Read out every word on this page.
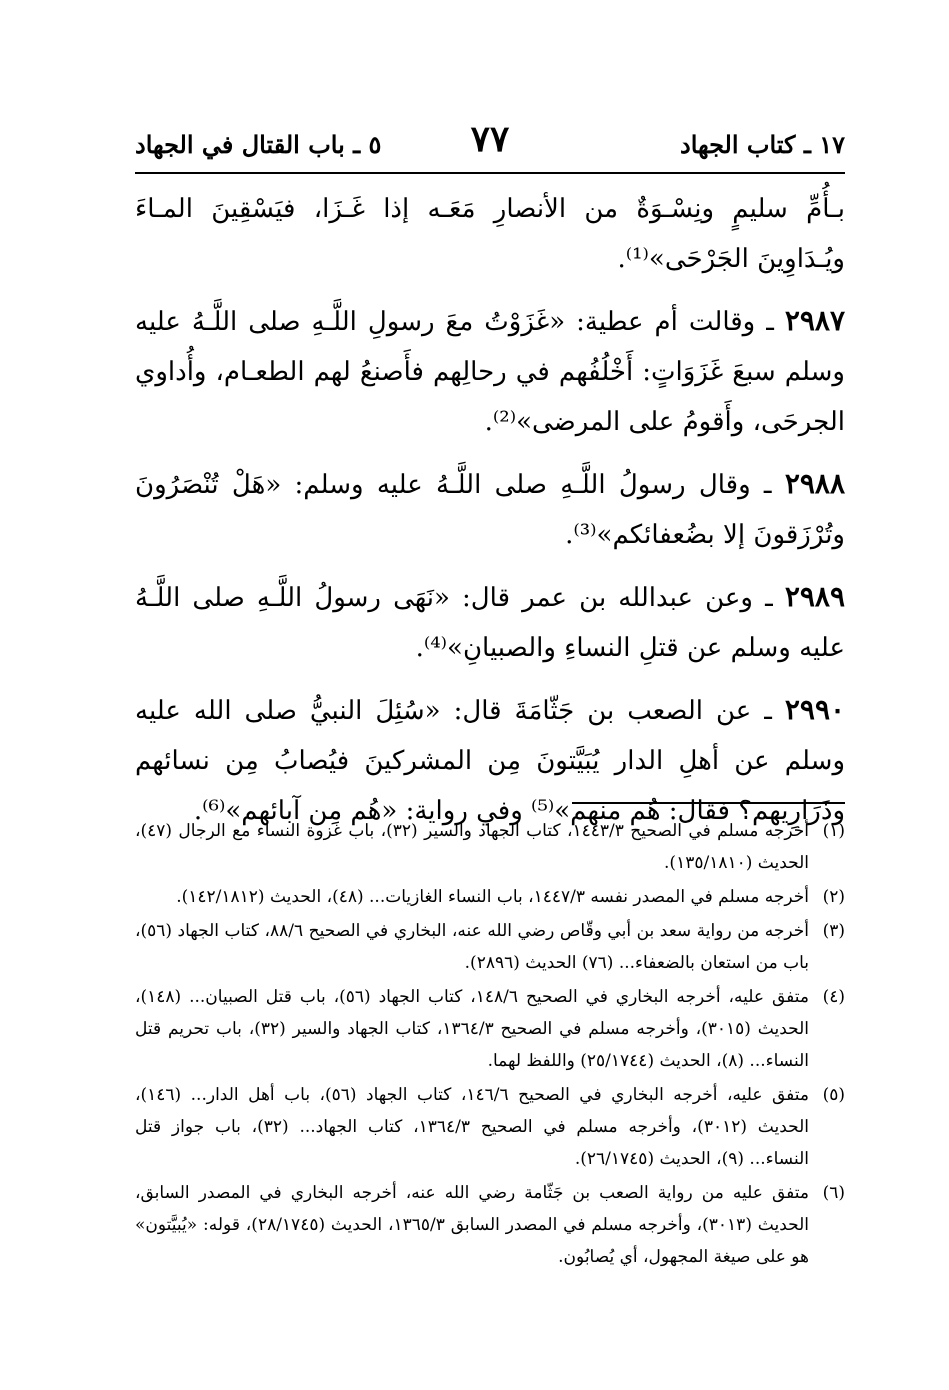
١٧ ـ كتاب الجهاد
٧٧
٥ ـ باب القتال في الجهاد

بـأُمِّ سليمٍ ونِسْـوَةٌ من الأنصارِ مَعَـه إذا غَـزَا، فيَسْقِينَ المـاءَ ويُـدَاوِينَ الجَرْحَى»⁽¹⁾.

٢٩٨٧ ـ وقالت أم عطية: «غَزَوْتُ معَ رسولِ اللَّـهِ صلى اللَّـهُ عليه وسلم سبعَ غَزَوَاتٍ: أَخْلُفُهم في رحالِهم فأَصنعُ لهم الطعـام، وأُداوي الجرحَى، وأَقومُ على المرضى»⁽²⁾.

٢٩٨٨ ـ وقال رسولُ اللَّـهِ صلى اللَّـهُ عليه وسلم: «هَلْ تُنْصَرُونَ وتُرْزَقونَ إلا بضُعفائكم»⁽³⁾.

٢٩٨٩ ـ وعن عبدالله بن عمر قال: «نَهَى رسولُ اللَّـهِ صلى اللَّـهُ عليه وسلم عن قتلِ النساءِ والصبيانِ»⁽⁴⁾.

٢٩٩٠ ـ عن الصعب بن جَثّامَةَ قال: «سُئِلَ النبيُّ صلى الله عليه وسلم عن أهلِ الدار يُبَيَّتونَ مِن المشركينَ فيُصابُ مِن نسائهم وذَرَارِيهم؟ فقال: هُم منهم»⁽⁵⁾ وفي رواية: «هُم مِن آبائهم»⁽⁶⁾.

(١)
أخرجه مسلم في الصحيح ١٤٤٣/٣، كتاب الجهاد والسير (٣٢)، باب غزوة النساء مع الرجال (٤٧)، الحديث (١٣٥/١٨١٠).

(٢)
أخرجه مسلم في المصدر نفسه ١٤٤٧/٣، باب النساء الغازيات... (٤٨)، الحديث (١٤٢/١٨١٢).

(٣)
أخرجه من رواية سعد بن أبي وقّاص رضي الله عنه، البخاري في الصحيح ٨٨/٦، كتاب الجهاد (٥٦)، باب من استعان بالضعفاء... (٧٦) الحديث (٢٨٩٦).

(٤)
متفق عليه، أخرجه البخاري في الصحيح ١٤٨/٦، كتاب الجهاد (٥٦)، باب قتل الصبيان... (١٤٨)، الحديث (٣٠١٥)، وأخرجه مسلم في الصحيح ١٣٦٤/٣، كتاب الجهاد والسير (٣٢)، باب تحريم قتل النساء... (٨)، الحديث (٢٥/١٧٤٤) واللفظ لهما.

(٥)
متفق عليه، أخرجه البخاري في الصحيح ١٤٦/٦، كتاب الجهاد (٥٦)، باب أهل الدار... (١٤٦)، الحديث (٣٠١٢)، وأخرجه مسلم في الصحيح ١٣٦٤/٣، كتاب الجهاد... (٣٢)، باب جواز قتل النساء... (٩)، الحديث (٢٦/١٧٤٥).

(٦)
متفق عليه من رواية الصعب بن جَثّامة رضي الله عنه، أخرجه البخاري في المصدر السابق، الحديث (٣٠١٣)، وأخرجه مسلم في المصدر السابق ١٣٦٥/٣، الحديث (٢٨/١٧٤٥)، قوله: «يُبيَّتون» هو على صيغة المجهول، أي يُصابُون.
